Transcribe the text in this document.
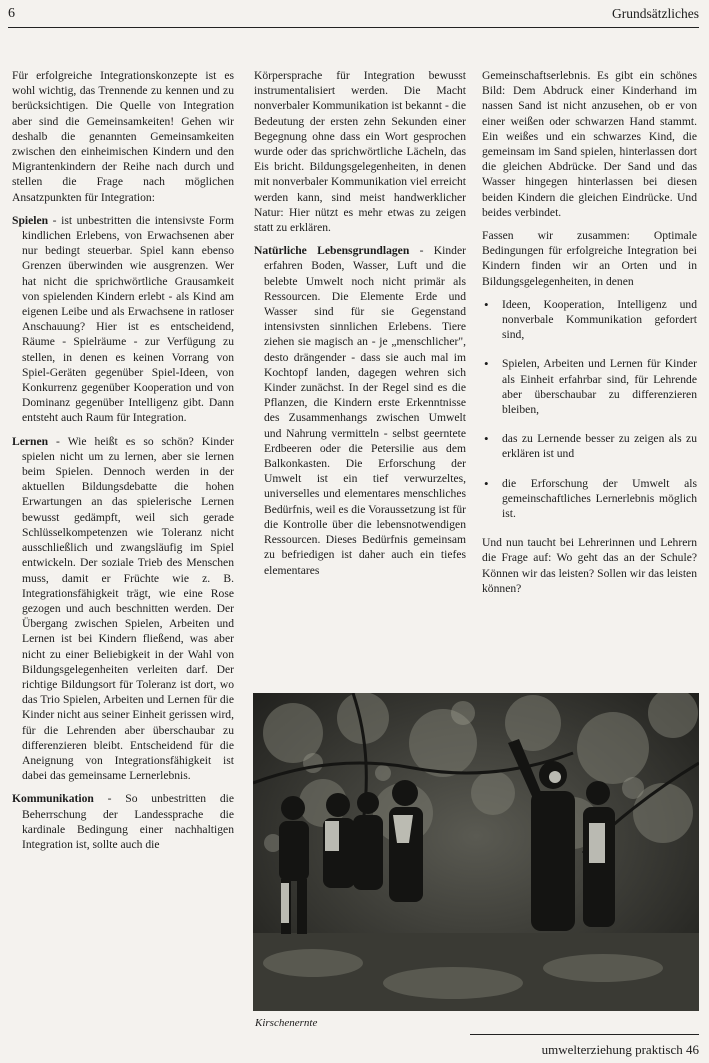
6	Grundsätzliches

Für erfolgreiche Integrationskonzepte ist es wohl wichtig, das Trennende zu kennen und zu berücksichtigen. Die Quelle von Integration aber sind die Gemeinsamkeiten! Gehen wir deshalb die genannten Gemeinsamkeiten zwischen den einheimischen Kindern und den Migrantenkindern der Reihe nach durch und stellen die Frage nach möglichen Ansatzpunkten für Integration:

Spielen - ist unbestritten die intensivste Form kindlichen Erlebens, von Erwachsenen aber nur bedingt steuerbar. Spiel kann ebenso Grenzen überwinden wie ausgrenzen. Wer hat nicht die sprichwörtliche Grausamkeit von spielenden Kindern erlebt - als Kind am eigenen Leibe und als Erwachsene in ratloser Anschauung? Hier ist es entscheidend, Räume - Spielräume - zur Verfügung zu stellen, in denen es keinen Vorrang von Spiel-Geräten gegenüber Spiel-Ideen, von Konkurrenz gegenüber Kooperation und von Dominanz gegenüber Intelligenz gibt. Dann entsteht auch Raum für Integration.

Lernen - Wie heißt es so schön? Kinder spielen nicht um zu lernen, aber sie lernen beim Spielen. Dennoch werden in der aktuellen Bildungsdebatte die hohen Erwartungen an das spielerische Lernen bewusst gedämpft, weil sich gerade Schlüsselkompetenzen wie Toleranz nicht ausschließlich und zwangsläufig im Spiel entwickeln. Der soziale Trieb des Menschen muss, damit er Früchte wie z. B. Integrationsfähigkeit trägt, wie eine Rose gezogen und auch beschnitten werden. Der Übergang zwischen Spielen, Arbeiten und Lernen ist bei Kindern fließend, was aber nicht zu einer Beliebigkeit in der Wahl von Bildungsgelegenheiten verleiten darf. Der richtige Bildungsort für Toleranz ist dort, wo das Trio Spielen, Arbeiten und Lernen für die Kinder nicht aus seiner Einheit gerissen wird, für die Lehrenden aber überschaubar zu differenzieren bleibt. Entscheidend für die Aneignung von Integrationsfähigkeit ist dabei das gemeinsame Lernerlebnis.

Kommunikation - So unbestritten die Beherrschung der Landessprache die kardinale Bedingung einer nachhaltigen Integration ist, sollte auch die

Körpersprache für Integration bewusst instrumentalisiert werden. Die Macht nonverbaler Kommunikation ist bekannt - die Bedeutung der ersten zehn Sekunden einer Begegnung ohne dass ein Wort gesprochen wurde oder das sprichwörtliche Lächeln, das Eis bricht. Bildungsgelegenheiten, in denen mit nonverbaler Kommunikation viel erreicht werden kann, sind meist handwerklicher Natur: Hier nützt es mehr etwas zu zeigen statt zu erklären.

Natürliche Lebensgrundlagen - Kinder erfahren Boden, Wasser, Luft und die belebte Umwelt noch nicht primär als Ressourcen. Die Elemente Erde und Wasser sind für sie Gegenstand intensivsten sinnlichen Erlebens. Tiere ziehen sie magisch an - je „menschlicher", desto drängender - dass sie auch mal im Kochtopf landen, dagegen wehren sich Kinder zunächst. In der Regel sind es die Pflanzen, die Kindern erste Erkenntnisse des Zusammenhangs zwischen Umwelt und Nahrung vermitteln - selbst geerntete Erdbeeren oder die Petersilie aus dem Balkonkasten. Die Erforschung der Umwelt ist ein tief verwurzeltes, universelles und elementares menschliches Bedürfnis, weil es die Voraussetzung ist für die Kontrolle über die lebensnotwendigen Ressourcen. Dieses Bedürfnis gemeinsam zu befriedigen ist daher auch ein tiefes elementares

Gemeinschaftserlebnis. Es gibt ein schönes Bild: Dem Abdruck einer Kinderhand im nassen Sand ist nicht anzusehen, ob er von einer weißen oder schwarzen Hand stammt. Ein weißes und ein schwarzes Kind, die gemeinsam im Sand spielen, hinterlassen dort die gleichen Abdrücke. Der Sand und das Wasser hingegen hinterlassen bei diesen beiden Kindern die gleichen Eindrücke. Und beides verbindet.

Fassen wir zusammen: Optimale Bedingungen für erfolgreiche Integration bei Kindern finden wir an Orten und in Bildungsgelegenheiten, in denen

• Ideen, Kooperation, Intelligenz und nonverbale Kommunikation gefordert sind,
• Spielen, Arbeiten und Lernen für Kinder als Einheit erfahrbar sind, für Lehrende aber überschaubar zu differenzieren bleiben,
• das zu Lernende besser zu zeigen als zu erklären ist und
• die Erforschung der Umwelt als gemeinschaftliches Lernerlebnis möglich ist.

Und nun taucht bei Lehrerinnen und Lehrern die Frage auf: Wo geht das an der Schule? Können wir das leisten? Sollen wir das leisten können?

Kirschenernte
umwelterziehung praktisch 46
